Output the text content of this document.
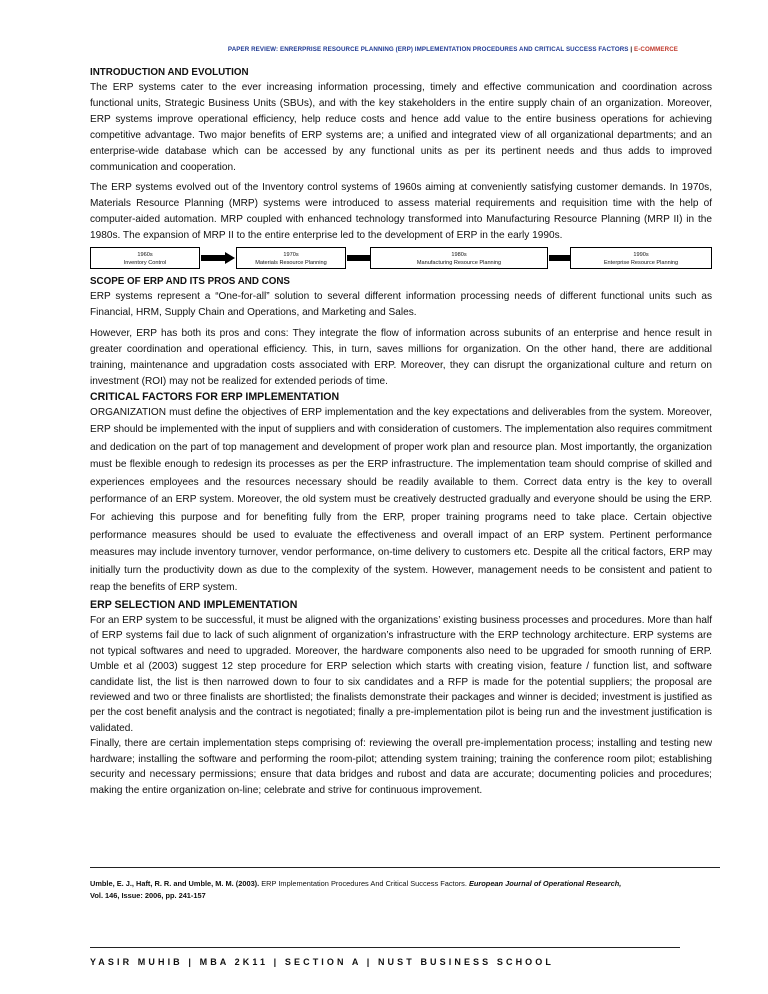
PAPER REVIEW: ENRERPRISE RESOURCE PLANNING (ERP) IMPLEMENTATION PROCEDURES AND CRITICAL SUCCESS FACTORS | E-COMMERCE

INTRODUCTION AND EVOLUTION

The ERP systems cater to the ever increasing information processing, timely and effective communication and coordination across functional units, Strategic Business Units (SBUs), and with the key stakeholders in the entire supply chain of an organization. Moreover, ERP systems improve operational efficiency, help reduce costs and hence add value to the entire business operations for achieving competitive advantage. Two major benefits of ERP systems are; a unified and integrated view of all organizational departments; and an enterprise-wide database which can be accessed by any functional units as per its pertinent needs and thus adds to improved communication and cooperation.

The ERP systems evolved out of the Inventory control systems of 1960s aiming at conveniently satisfying customer demands. In 1970s, Materials Resource Planning (MRP) systems were introduced to assess material requirements and requisition time with the help of computer-aided automation. MRP coupled with enhanced technology transformed into Manufacturing Resource Planning (MRP II) in the 1980s. The expansion of MRP II to the entire enterprise led to the development of ERP in the early 1990s.

1960s
Inventory Control
1970s
Materials Resource Planning
1980s
Manufacturing Resource Planning
1990s
Enterprise Resource Planning

SCOPE OF ERP AND ITS PROS AND CONS

ERP systems represent a “One-for-all” solution to several different information processing needs of different functional units such as Financial, HRM, Supply Chain and Operations, and Marketing and Sales.

However, ERP has both its pros and cons: They integrate the flow of information across subunits of an enterprise and hence result in greater coordination and operational efficiency. This, in turn, saves millions for organization. On the other hand, there are additional training, maintenance and upgradation costs associated with ERP. Moreover, they can disrupt the organizational culture and return on investment (ROI) may not be realized for extended periods of time.

CRITICAL FACTORS FOR ERP IMPLEMENTATION

ORGANIZATION must define the objectives of ERP implementation and the key expectations and deliverables from the system. Moreover, ERP should be implemented with the input of suppliers and with consideration of customers. The implementation also requires commitment and dedication on the part of top management and development of proper work plan and resource plan. Most importantly, the organization must be flexible enough to redesign its processes as per the ERP infrastructure. The implementation team should comprise of skilled and experiences employees and the resources necessary should be readily available to them. Correct data entry is the key to overall performance of an ERP system. Moreover, the old system must be creatively destructed gradually and everyone should be using the ERP. For achieving this purpose and for benefiting fully from the ERP, proper training programs need to take place. Certain objective performance measures should be used to evaluate the effectiveness and overall impact of an ERP system. Pertinent performance measures may include inventory turnover, vendor performance, on-time delivery to customers etc. Despite all the critical factors, ERP may initially turn the productivity down as due to the complexity of the system. However, management needs to be consistent and patient to reap the benefits of ERP system.

ERP SELECTION AND IMPLEMENTATION

For an ERP system to be successful, it must be aligned with the organizations’ existing business processes and procedures. More than half of ERP systems fail due to lack of such alignment of organization’s infrastructure with the ERP technology architecture. ERP systems are not typical softwares and need to upgraded. Moreover, the hardware components also need to be upgraded for smooth running of ERP. Umble et al (2003) suggest 12 step procedure for ERP selection which starts with creating vision, feature / function list, and software candidate list, the list is then narrowed down to four to six candidates and a RFP is made for the potential suppliers; the proposal are reviewed and two or three finalists are shortlisted; the finalists demonstrate their packages and winner is decided; investment is justified as per the cost benefit analysis and the contract is negotiated; finally a pre-implementation pilot is being run and the investment justification is validated.

Finally, there are certain implementation steps comprising of: reviewing the overall pre-implementation process; installing and testing new hardware; installing the software and performing the room-pilot; attending system training; training the conference room pilot; establishing security and necessary permissions; ensure that data bridges and rubost and data are accurate; documenting policies and procedures; making the entire organization on-line; celebrate and strive for continuous improvement.

Umble, E. J., Haft, R. R. and Umble, M. M. (2003). ERP Implementation Procedures And Critical Success Factors. European Journal of Operational Research,
Vol. 146, Issue: 2006, pp. 241-157
YASIR MUHIB | MBA 2K11 | SECTION A | NUST BUSINESS SCHOOL
